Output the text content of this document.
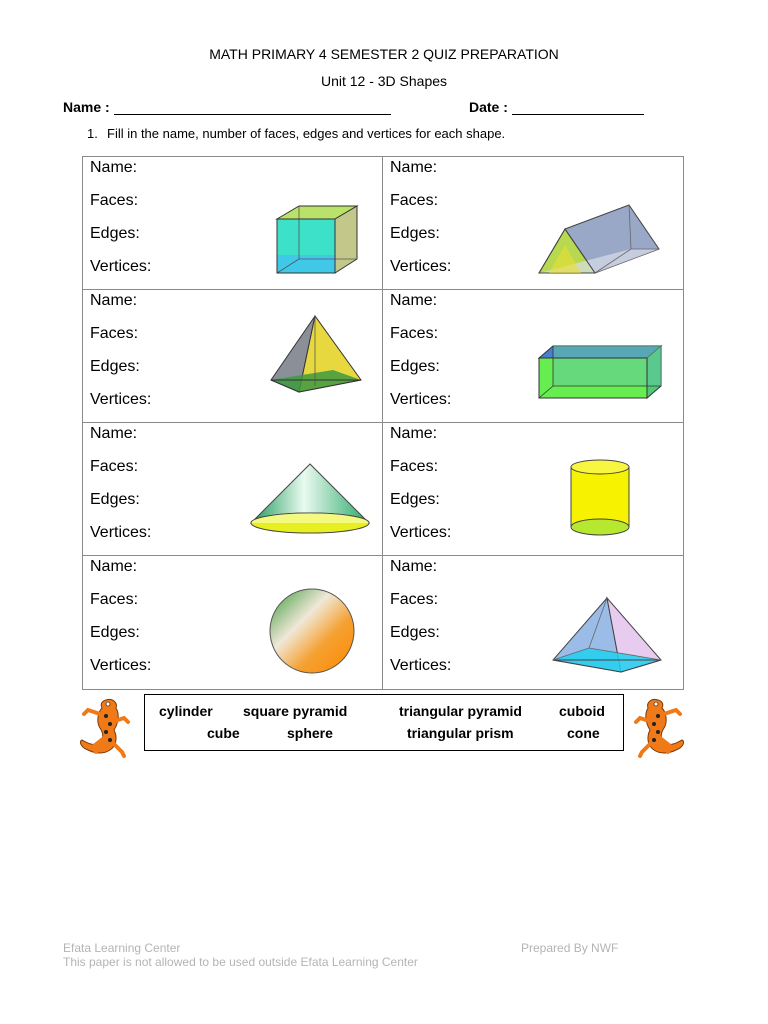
MATH PRIMARY 4 SEMESTER 2 QUIZ PREPARATION
Unit 12 - 3D Shapes
Name :	Date :
1. Fill in the name, number of faces, edges and vertices for each shape.
Name:
Faces:
Edges:
Vertices:
Name:
Faces:
Edges:
Vertices:
Name:
Faces:
Edges:
Vertices:
Name:
Faces:
Edges:
Vertices:
Name:
Faces:
Edges:
Vertices:
Name:
Faces:
Edges:
Vertices:
Name:
Faces:
Edges:
Vertices:
Name:
Faces:
Edges:
Vertices:
cylinder square pyramid	triangular pyramid	cuboid
cube	sphere	triangular prism	cone
Efata Learning Center	Prepared By NWF
This paper is not allowed to be used outside Efata Learning Center
